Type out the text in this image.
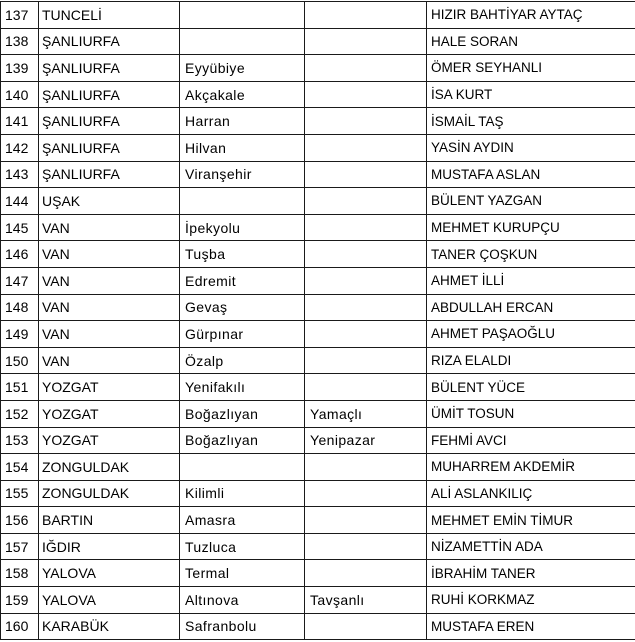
137	TUNCELİ			HIZIR BAHTİYAR AYTAÇ
138	ŞANLIURFA			HALE SORAN
139	ŞANLIURFA	Eyyübiye		ÖMER SEYHANLI
140	ŞANLIURFA	Akçakale		İSA KURT
141	ŞANLIURFA	Harran		İSMAİL TAŞ
142	ŞANLIURFA	Hilvan		YASİN AYDIN
143	ŞANLIURFA	Viranşehir		MUSTAFA ASLAN
144	UŞAK			BÜLENT YAZGAN
145	VAN	İpekyolu		MEHMET KURUPÇU
146	VAN	Tuşba		TANER ÇOŞKUN
147	VAN	Edremit		AHMET İLLİ
148	VAN	Gevaş		ABDULLAH ERCAN
149	VAN	Gürpınar		AHMET PAŞAOĞLU
150	VAN	Özalp		RIZA ELALDI
151	YOZGAT	Yenifakılı		BÜLENT YÜCE
152	YOZGAT	Boğazlıyan	Yamaçlı	ÜMİT TOSUN
153	YOZGAT	Boğazlıyan	Yenipazar	FEHMİ AVCI
154	ZONGULDAK			MUHARREM AKDEMİR
155	ZONGULDAK	Kilimli		ALİ ASLANKILIÇ
156	BARTIN	Amasra		MEHMET EMİN TİMUR
157	IĞDIR	Tuzluca		NİZAMETTİN ADA
158	YALOVA	Termal		İBRAHİM TANER
159	YALOVA	Altınova	Tavşanlı	RUHİ KORKMAZ
160	KARABÜK	Safranbolu		MUSTAFA EREN
